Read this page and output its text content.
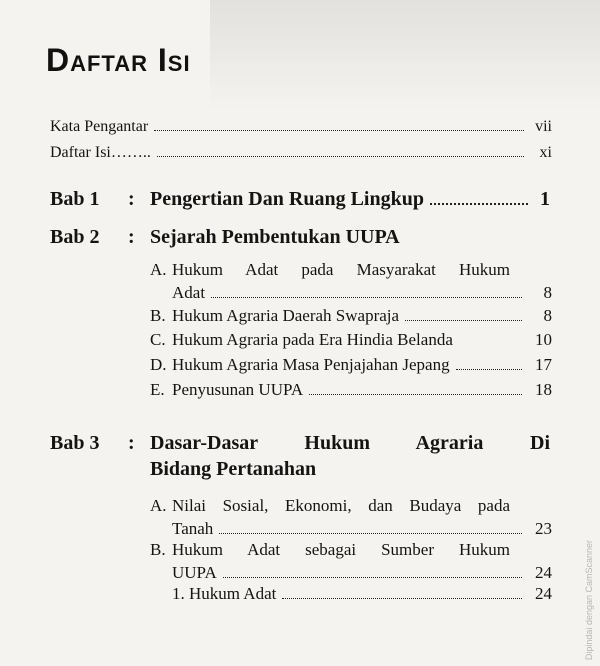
Daftar Isi
Kata Pengantar	vii
Daftar Isi……..	xi
Bab 1	: Pengertian Dan Ruang Lingkup	1
Bab 2	: Sejarah Pembentukan UUPA
A. Hukum Adat pada Masyarakat Hukum
Adat	8
B. Hukum Agraria Daerah Swapraja	8
C. Hukum Agraria pada Era Hindia Belanda	10
D. Hukum Agraria Masa Penjajahan Jepang	17
E. Penyusunan UUPA	18
Bab 3	: Dasar-Dasar Hukum Agraria Di
Bidang Pertanahan
A. Nilai Sosial, Ekonomi, dan Budaya pada
Tanah	23
B. Hukum Adat sebagai Sumber Hukum
UUPA	24
1. Hukum Adat	24	Dipindai dengan CamScanner
